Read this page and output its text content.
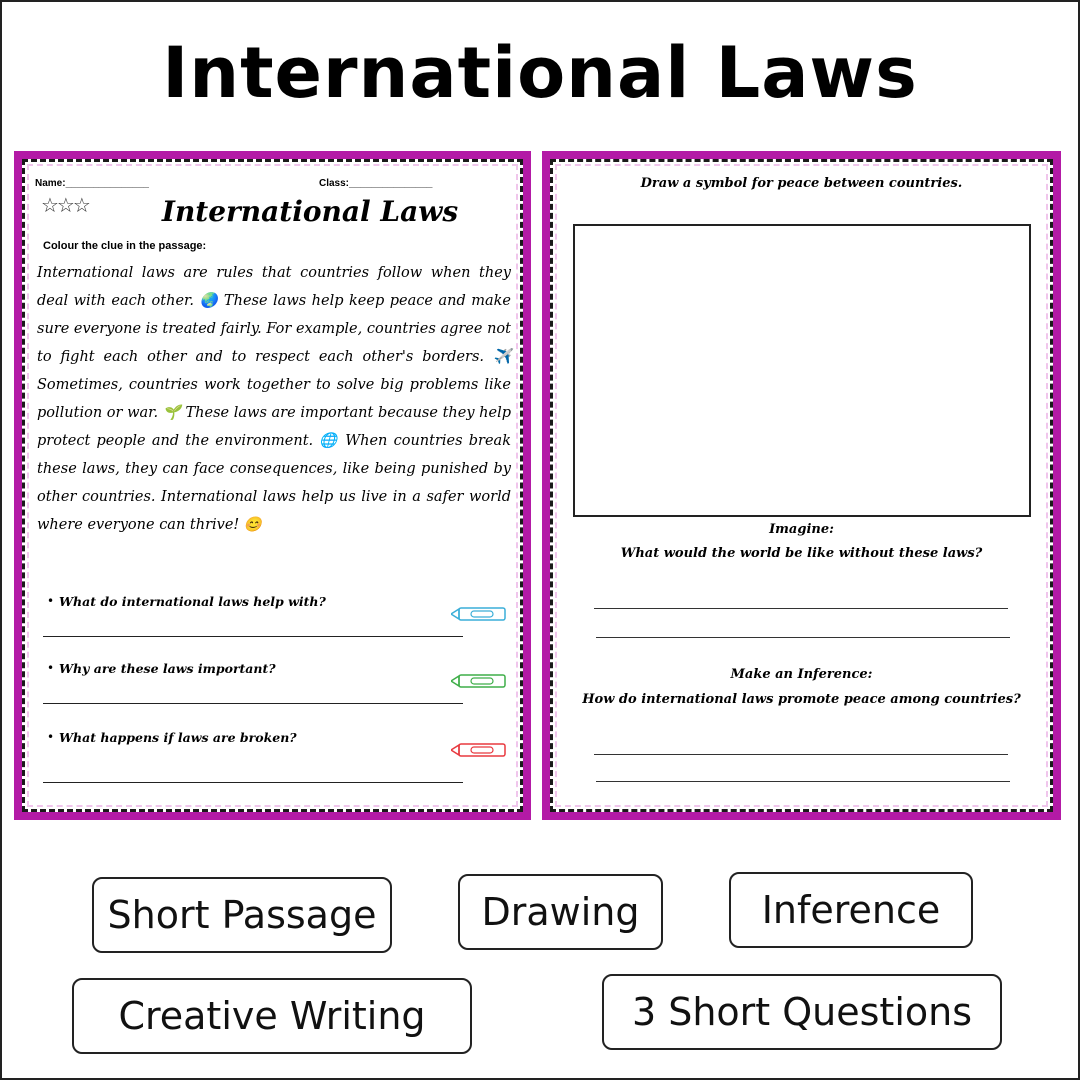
International Laws
Name:_______________	Class:_______________
☆☆☆	International Laws
Colour the clue in the passage:
International laws are rules that countries follow when they deal with each other. 🌏 These laws help keep peace and make sure everyone is treated fairly. For example, countries agree not to fight each other and to respect each other's borders. ✈️ Sometimes, countries work together to solve big problems like pollution or war. 🌱 These laws are important because they help protect people and the environment. 🌐 When countries break these laws, they can face consequences, like being punished by other countries. International laws help us live in a safer world where everyone can thrive! 😊
• What do international laws help with?
• Why are these laws important?
• What happens if laws are broken?
Draw a symbol for peace between countries.
Imagine:
What would the world be like without these laws?
Make an Inference:
How do international laws promote peace among countries?
Short Passage	Drawing	Inference
Creative Writing	3 Short Questions
